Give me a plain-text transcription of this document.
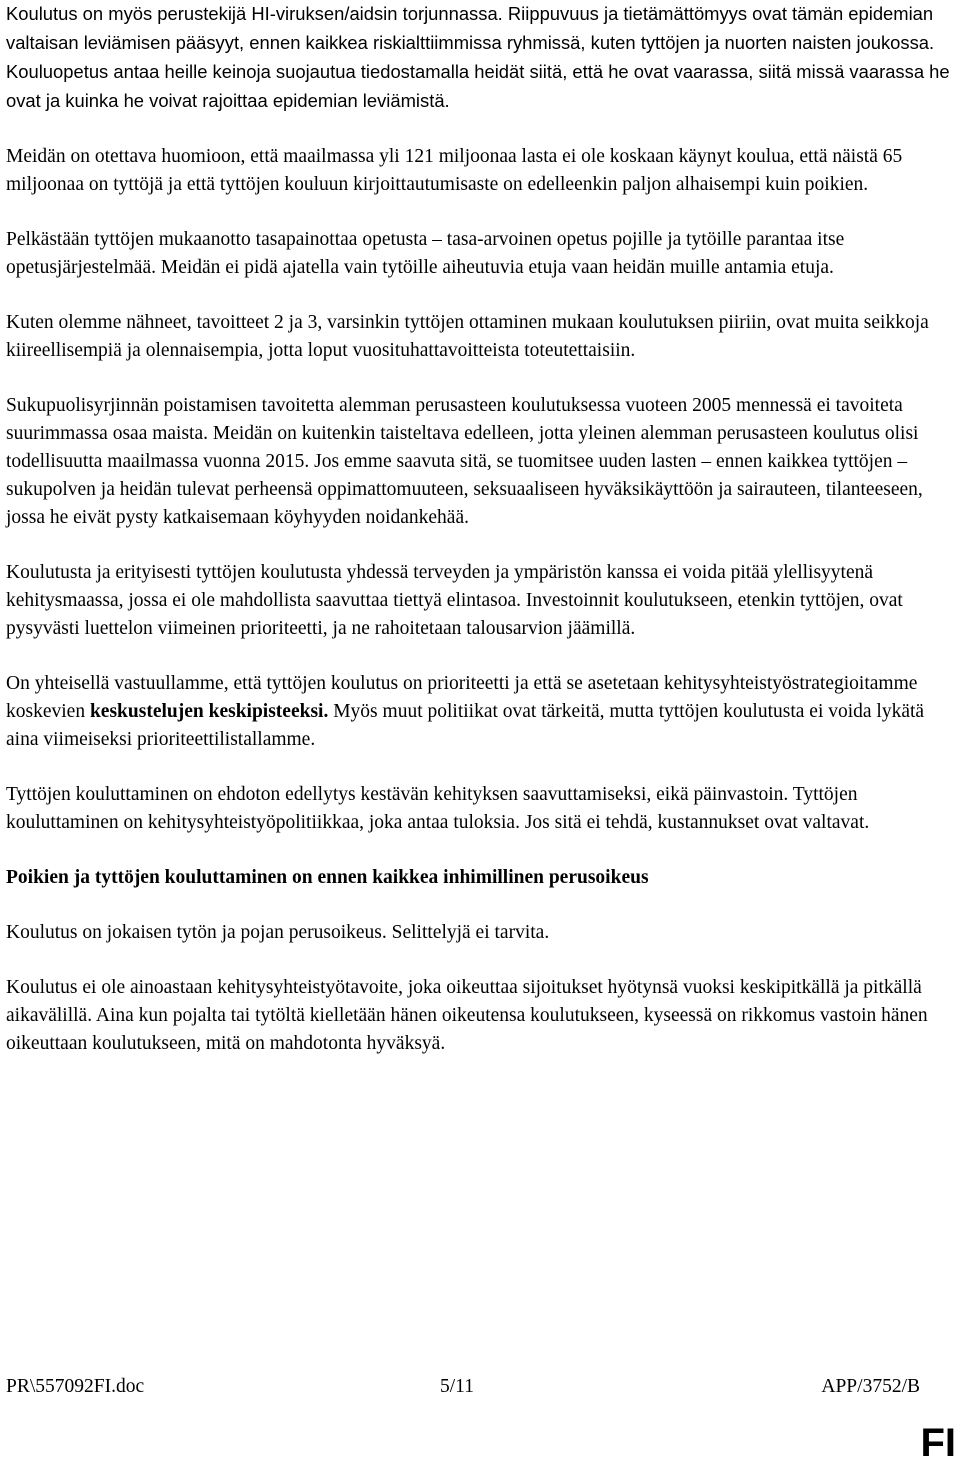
Koulutus on myös perustekijä HI-viruksen/aidsin torjunnassa. Riippuvuus ja tietämättömyys ovat tämän epidemian valtaisan leviämisen pääsyyt, ennen kaikkea riskialttiimmissa ryhmissä, kuten tyttöjen ja nuorten naisten joukossa. Kouluopetus antaa heille keinoja suojautua tiedostamalla heidät siitä, että he ovat vaarassa, siitä missä vaarassa he ovat ja kuinka he voivat rajoittaa epidemian leviämistä.

Meidän on otettava huomioon, että maailmassa yli 121 miljoonaa lasta ei ole koskaan käynyt koulua, että näistä 65 miljoonaa on tyttöjä ja että tyttöjen kouluun kirjoittautumisaste on edelleenkin paljon alhaisempi kuin poikien.

Pelkästään tyttöjen mukaanotto tasapainottaa opetusta – tasa-arvoinen opetus pojille ja tytöille parantaa itse opetusjärjestelmää. Meidän ei pidä ajatella vain tytöille aiheutuvia etuja vaan heidän muille antamia etuja.

Kuten olemme nähneet, tavoitteet 2 ja 3, varsinkin tyttöjen ottaminen mukaan koulutuksen piiriin, ovat muita seikkoja kiireellisempiä ja olennaisempia, jotta loput vuosituhattavoitteista toteutettaisiin.

Sukupuolisyrjinnän poistamisen tavoitetta alemman perusasteen koulutuksessa vuoteen 2005 mennessä ei tavoiteta suurimmassa osaa maista. Meidän on kuitenkin taisteltava edelleen, jotta yleinen alemman perusasteen koulutus olisi todellisuutta maailmassa vuonna 2015. Jos emme saavuta sitä, se tuomitsee uuden lasten – ennen kaikkea tyttöjen – sukupolven ja heidän tulevat perheensä oppimattomuuteen, seksuaaliseen hyväksikäyttöön ja sairauteen, tilanteeseen, jossa he eivät pysty katkaisemaan köyhyyden noidankehää.

Koulutusta ja erityisesti tyttöjen koulutusta yhdessä terveyden ja ympäristön kanssa ei voida pitää ylellisyytenä kehitysmaassa, jossa ei ole mahdollista saavuttaa tiettyä elintasoa. Investoinnit koulutukseen, etenkin tyttöjen, ovat pysyvästi luettelon viimeinen prioriteetti, ja ne rahoitetaan talousarvion jäämillä.

On yhteisellä vastuullamme, että tyttöjen koulutus on prioriteetti ja että se asetetaan kehitysyhteistyöstrategioitamme koskevien keskustelujen keskipisteeksi. Myös muut politiikat ovat tärkeitä, mutta tyttöjen koulutusta ei voida lykätä aina viimeiseksi prioriteettilistallamme.

Tyttöjen kouluttaminen on ehdoton edellytys kestävän kehityksen saavuttamiseksi, eikä päinvastoin. Tyttöjen kouluttaminen on kehitysyhteistyöpolitiikkaa, joka antaa tuloksia. Jos sitä ei tehdä, kustannukset ovat valtavat.

Poikien ja tyttöjen kouluttaminen on ennen kaikkea inhimillinen perusoikeus

Koulutus on jokaisen tytön ja pojan perusoikeus. Selittelyjä ei tarvita.

Koulutus ei ole ainoastaan kehitysyhteistyötavoite, joka oikeuttaa sijoitukset hyötynsä vuoksi keskipitkällä ja pitkällä aikavälillä. Aina kun pojalta tai tytöltä kielletään hänen oikeutensa koulutukseen, kyseessä on rikkomus vastoin hänen oikeuttaan koulutukseen, mitä on mahdotonta hyväksyä.

PR\557092FI.doc	5/11	APP/3752/B
FI
